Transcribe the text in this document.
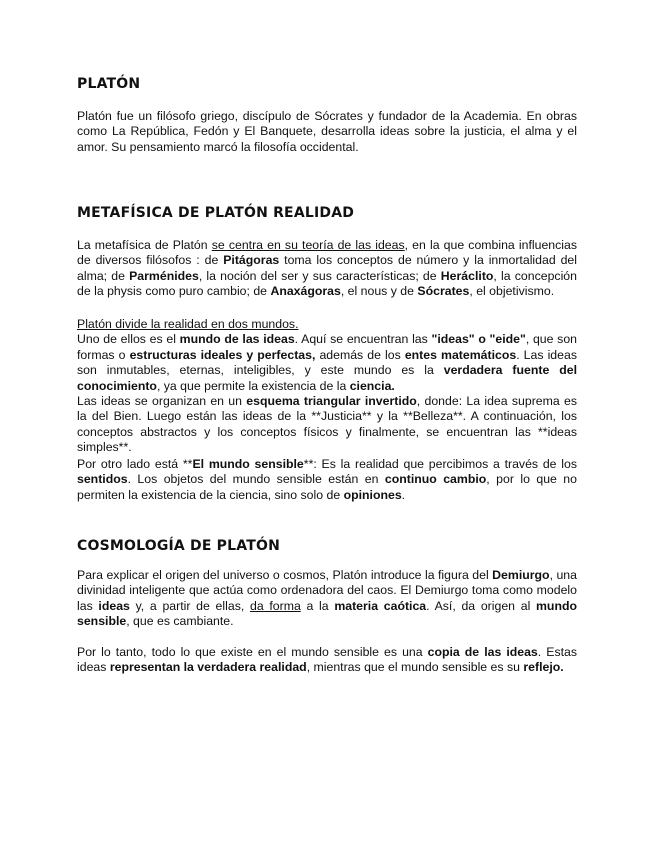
PLATÓN

Platón fue un filósofo griego, discípulo de Sócrates y fundador de la Academia. En obras como La República, Fedón y El Banquete, desarrolla ideas sobre la justicia, el alma y el amor. Su pensamiento marcó la filosofía occidental.

METAFÍSICA DE PLATÓN REALIDAD

La metafísica de Platón se centra en su teoría de las ideas, en la que combina influencias de diversos filósofos : de Pitágoras toma los conceptos de número y la inmortalidad del alma; de Parménides, la noción del ser y sus características; de Heráclito, la concepción de la physis como puro cambio; de Anaxágoras, el nous y de Sócrates, el objetivismo.

Platón divide la realidad en dos mundos.
Uno de ellos es el mundo de las ideas. Aquí se encuentran las "ideas" o "eide", que son formas o estructuras ideales y perfectas, además de los entes matemáticos. Las ideas son inmutables, eternas, inteligibles, y este mundo es la verdadera fuente del conocimiento, ya que permite la existencia de la ciencia.
Las ideas se organizan en un esquema triangular invertido, donde: La idea suprema es la del Bien. Luego están las ideas de la **Justicia** y la **Belleza**. A continuación, los conceptos abstractos y los conceptos físicos y finalmente, se encuentran las **ideas simples**.

Por otro lado está **El mundo sensible**: Es la realidad que percibimos a través de los sentidos. Los objetos del mundo sensible están en continuo cambio, por lo que no permiten la existencia de la ciencia, sino solo de opiniones.

COSMOLOGÍA DE PLATÓN

Para explicar el origen del universo o cosmos, Platón introduce la figura del Demiurgo, una divinidad inteligente que actúa como ordenadora del caos. El Demiurgo toma como modelo las ideas y, a partir de ellas, da forma a la materia caótica. Así, da origen al mundo sensible, que es cambiante.

Por lo tanto, todo lo que existe en el mundo sensible es una copia de las ideas. Estas ideas representan la verdadera realidad, mientras que el mundo sensible es su reflejo.
